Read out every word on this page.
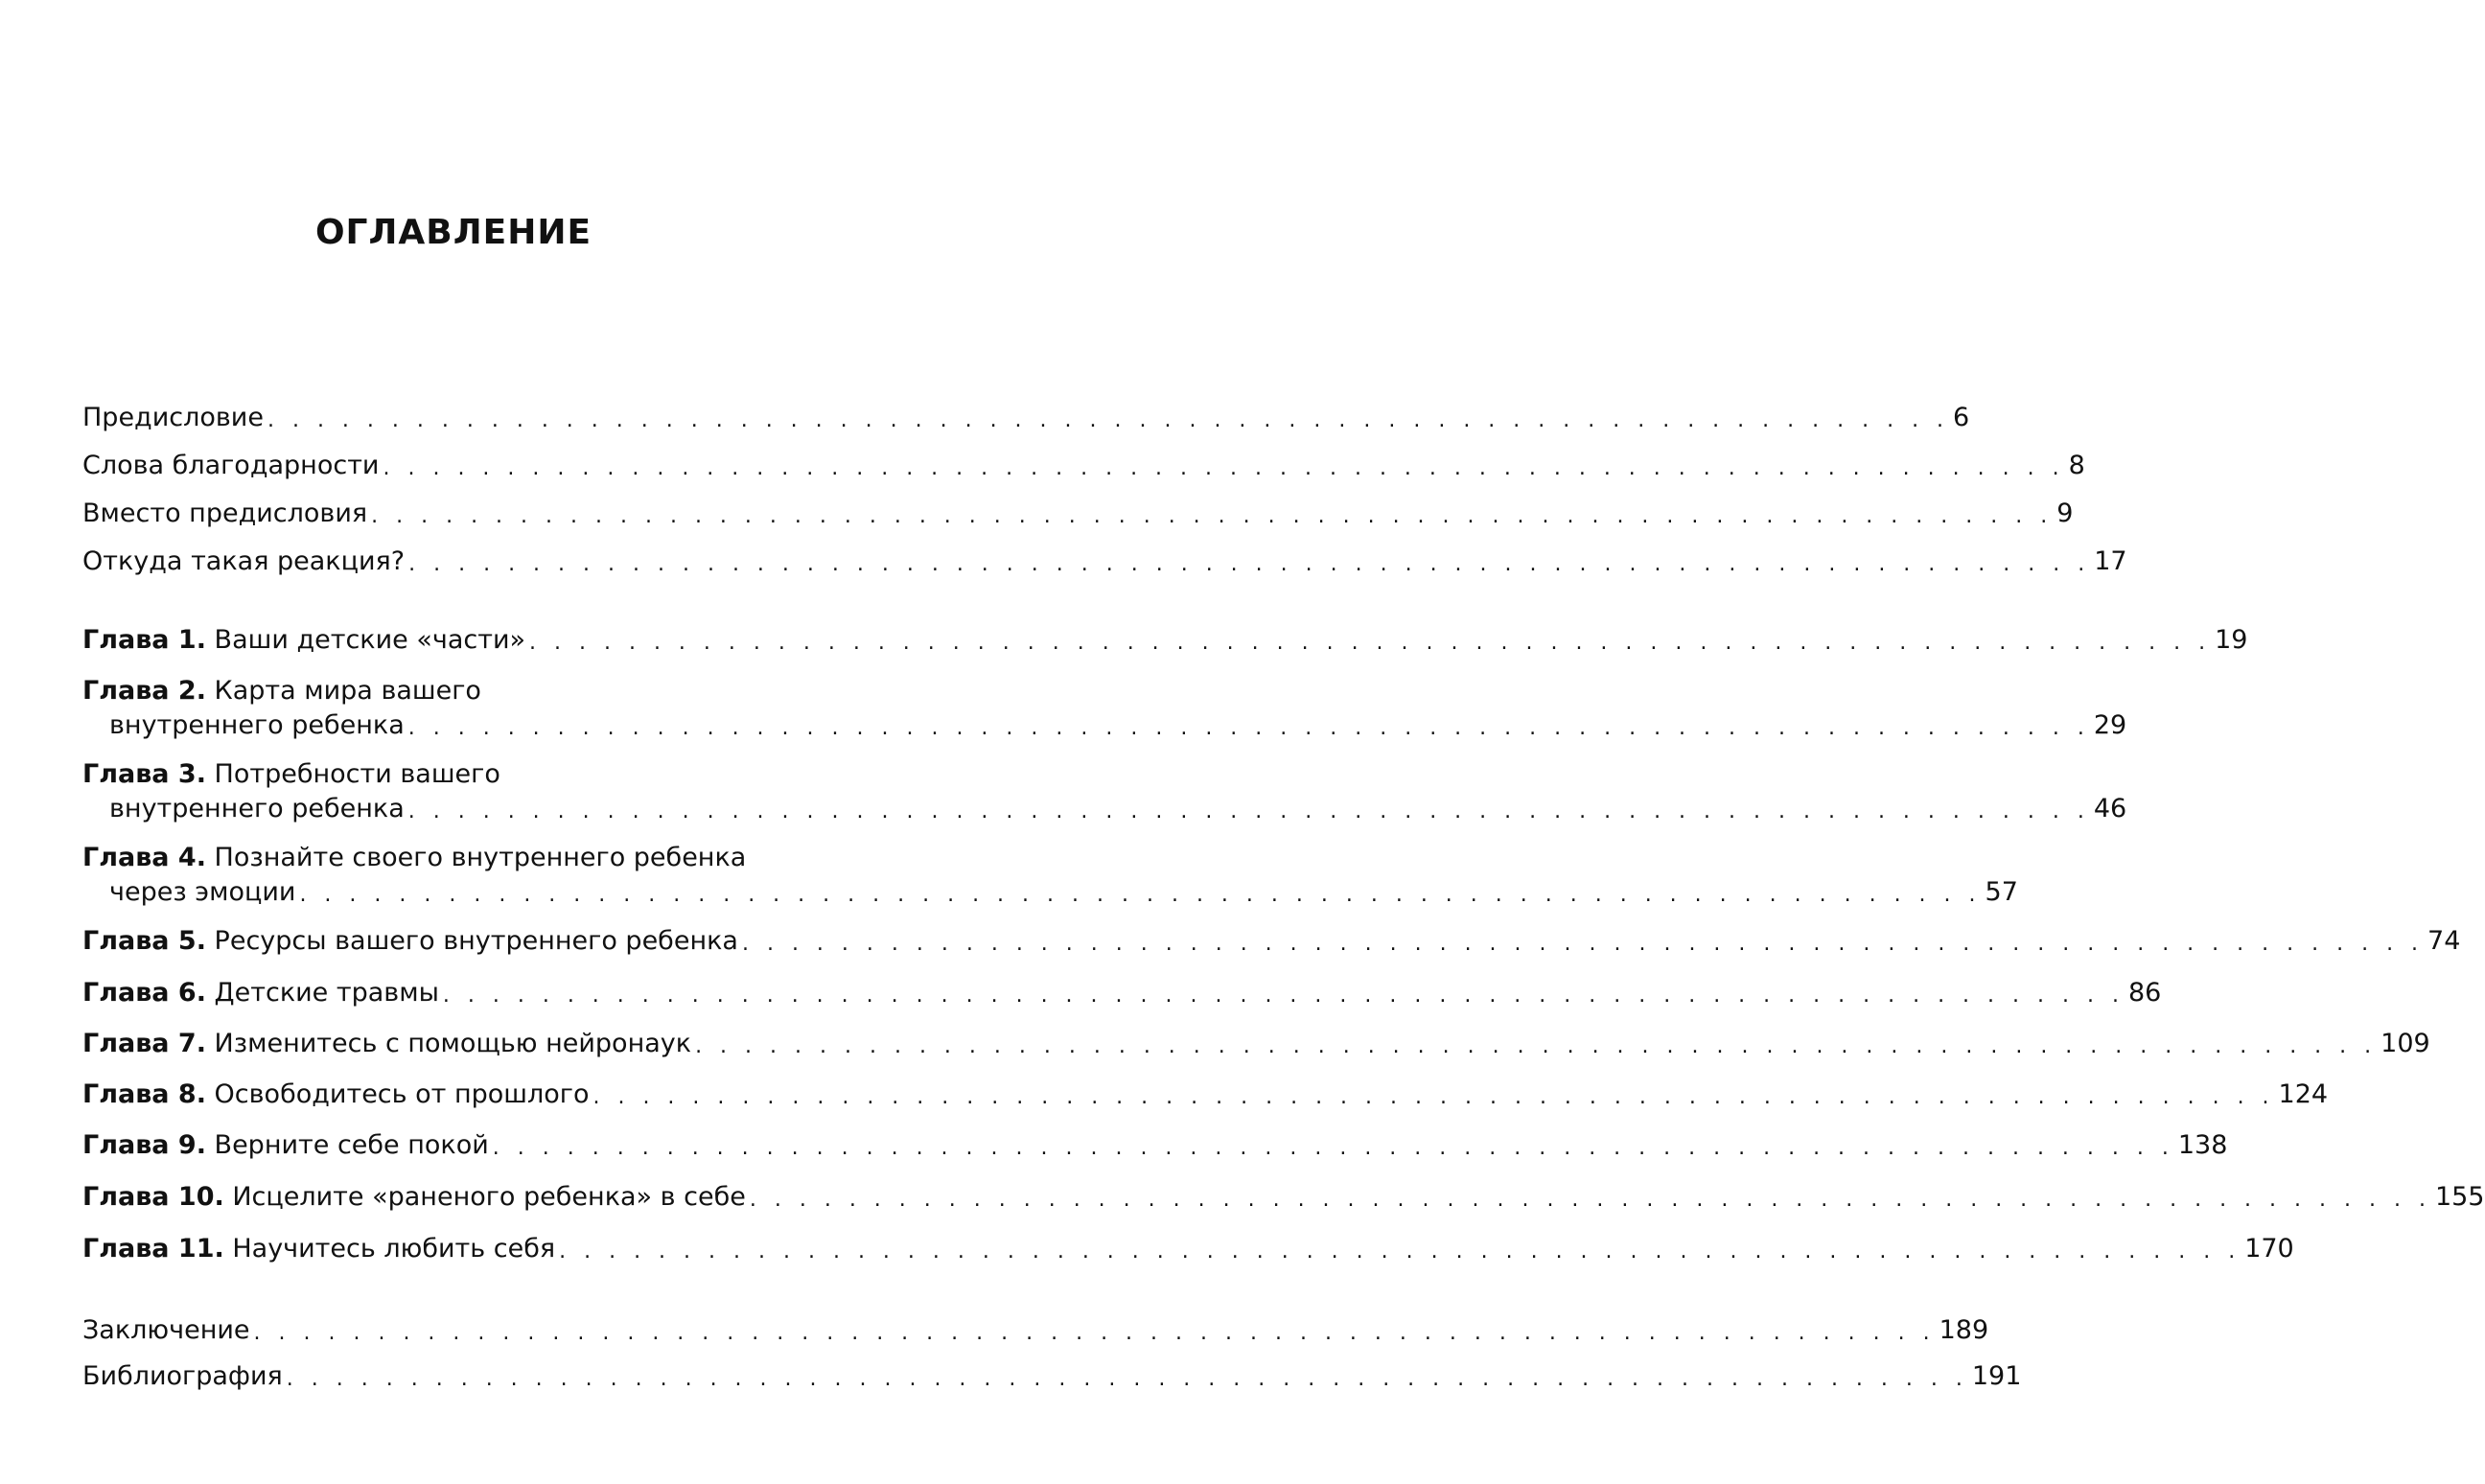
ОГЛАВЛЕНИЕ
Предисловие . . . . . . . . . . . . . . . . . . . . . . . . . . . . . . . . . . . . . . . . . . . . . . . . . . . . . . . . . . . . . . . . . . . . 6
Слова благодарности . . . . . . . . . . . . . . . . . . . . . . . . . . . . . . . . . . . . . . . . . . . . . . . . . . . . . . . . . . . . . . . . . . . . 8
Вместо предисловия . . . . . . . . . . . . . . . . . . . . . . . . . . . . . . . . . . . . . . . . . . . . . . . . . . . . . . . . . . . . . . . . . . . . 9
Откуда такая реакция? . . . . . . . . . . . . . . . . . . . . . . . . . . . . . . . . . . . . . . . . . . . . . . . . . . . . . . . . . . . . . . . . . . . . 17
Глава 1.
Ваши детские «части» . . . . . . . . . . . . . . . . . . . . . . . . . . . . . . . . . . . . . . . . . . . . . . . . . . . . . . . . . . . . . . . . . . . . 19
Глава 2. Карта мира вашего
внутреннего ребенка . . . . . . . . . . . . . . . . . . . . . . . . . . . . . . . . . . . . . . . . . . . . . . . . . . . . . . . . . . . . . . . . . . . . 29
Глава 3. Потребности вашего
внутреннего ребенка . . . . . . . . . . . . . . . . . . . . . . . . . . . . . . . . . . . . . . . . . . . . . . . . . . . . . . . . . . . . . . . . . . . . 46
Глава 4. Познайте своего внутреннего ребенка
через эмоции . . . . . . . . . . . . . . . . . . . . . . . . . . . . . . . . . . . . . . . . . . . . . . . . . . . . . . . . . . . . . . . . . . . . 57
Глава 5.
Ресурсы вашего внутреннего ребенка . . . . . . . . . . . . . . . . . . . . . . . . . . . . . . . . . . . . . . . . . . . . . . . . . . . . . . . . . . . . . . . . . . . . 74
Глава 6.
Детские травмы . . . . . . . . . . . . . . . . . . . . . . . . . . . . . . . . . . . . . . . . . . . . . . . . . . . . . . . . . . . . . . . . . . . . 86
Глава 7.
Изменитесь с помощью нейронаук . . . . . . . . . . . . . . . . . . . . . . . . . . . . . . . . . . . . . . . . . . . . . . . . . . . . . . . . . . . . . . . . . . . . 109
Глава 8.
Освободитесь от прошлого . . . . . . . . . . . . . . . . . . . . . . . . . . . . . . . . . . . . . . . . . . . . . . . . . . . . . . . . . . . . . . . . . . . . 124
Глава 9.
Верните себе покой . . . . . . . . . . . . . . . . . . . . . . . . . . . . . . . . . . . . . . . . . . . . . . . . . . . . . . . . . . . . . . . . . . . . 138
Глава 10.
Исцелите «раненого ребенка» в себе . . . . . . . . . . . . . . . . . . . . . . . . . . . . . . . . . . . . . . . . . . . . . . . . . . . . . . . . . . . . . . . . . . . . 155
Глава 11.
Научитесь любить себя . . . . . . . . . . . . . . . . . . . . . . . . . . . . . . . . . . . . . . . . . . . . . . . . . . . . . . . . . . . . . . . . . . . . 170
Заключение . . . . . . . . . . . . . . . . . . . . . . . . . . . . . . . . . . . . . . . . . . . . . . . . . . . . . . . . . . . . . . . . . . . . 189
Библиография . . . . . . . . . . . . . . . . . . . . . . . . . . . . . . . . . . . . . . . . . . . . . . . . . . . . . . . . . . . . . . . . . . . . 191
